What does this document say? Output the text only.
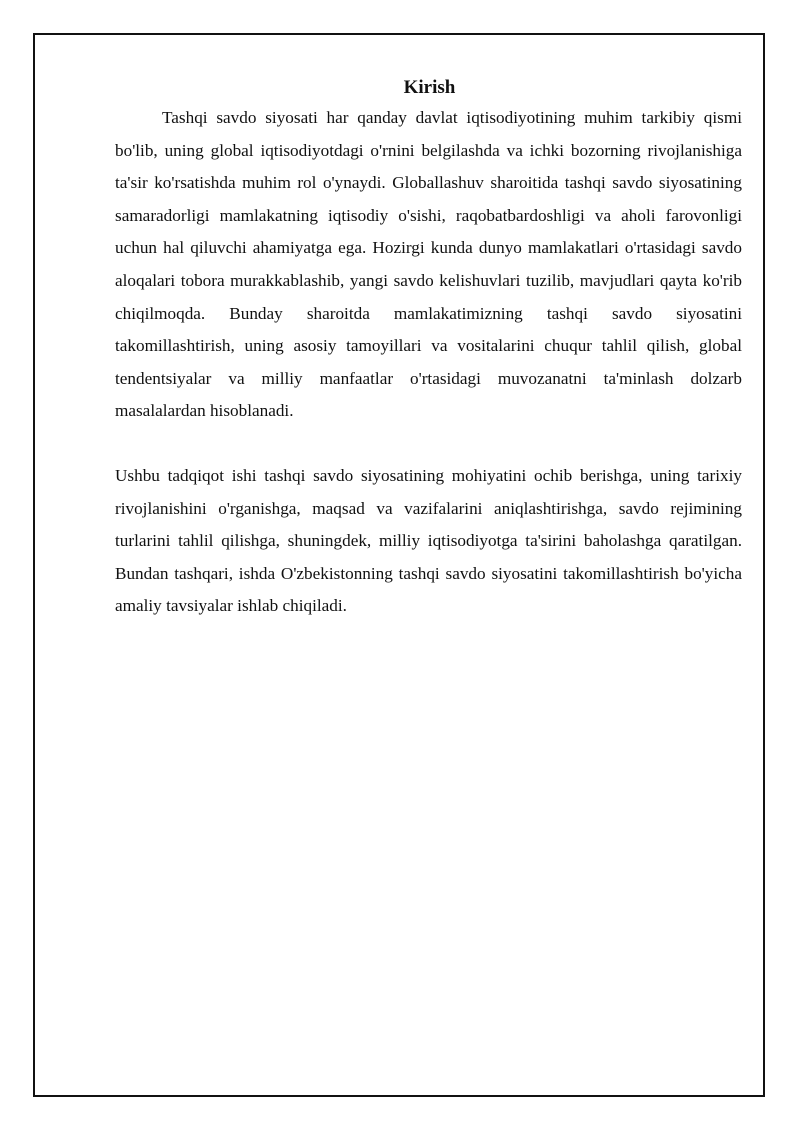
Kirish

Tashqi savdo siyosati har qanday davlat iqtisodiyotining muhim tarkibiy qismi bo'lib, uning global iqtisodiyotdagi o'rnini belgilashda va ichki bozorning rivojlanishiga ta'sir ko'rsatishda muhim rol o'ynaydi. Globallashuv sharoitida tashqi savdo siyosatining samaradorligi mamlakatning iqtisodiy o'sishi, raqobatbardoshligi va aholi farovonligi uchun hal qiluvchi ahamiyatga ega. Hozirgi kunda dunyo mamlakatlari o'rtasidagi savdo aloqalari tobora murakkablashib, yangi savdo kelishuvlari tuzilib, mavjudlari qayta ko'rib chiqilmoqda. Bunday sharoitda mamlakatimizning tashqi savdo siyosatini takomillashtirish, uning asosiy tamoyillari va vositalarini chuqur tahlil qilish, global tendentsiyalar va milliy manfaatlar o'rtasidagi muvozanatni ta'minlash dolzarb masalalardan hisoblanadi.

Ushbu tadqiqot ishi tashqi savdo siyosatining mohiyatini ochib berishga, uning tarixiy rivojlanishini o'rganishga, maqsad va vazifalarini aniqlashtirishga, savdo rejimining turlarini tahlil qilishga, shuningdek, milliy iqtisodiyotga ta'sirini baholashga qaratilgan. Bundan tashqari, ishda O'zbekistonning tashqi savdo siyosatini takomillashtirish bo'yicha amaliy tavsiyalar ishlab chiqiladi.
